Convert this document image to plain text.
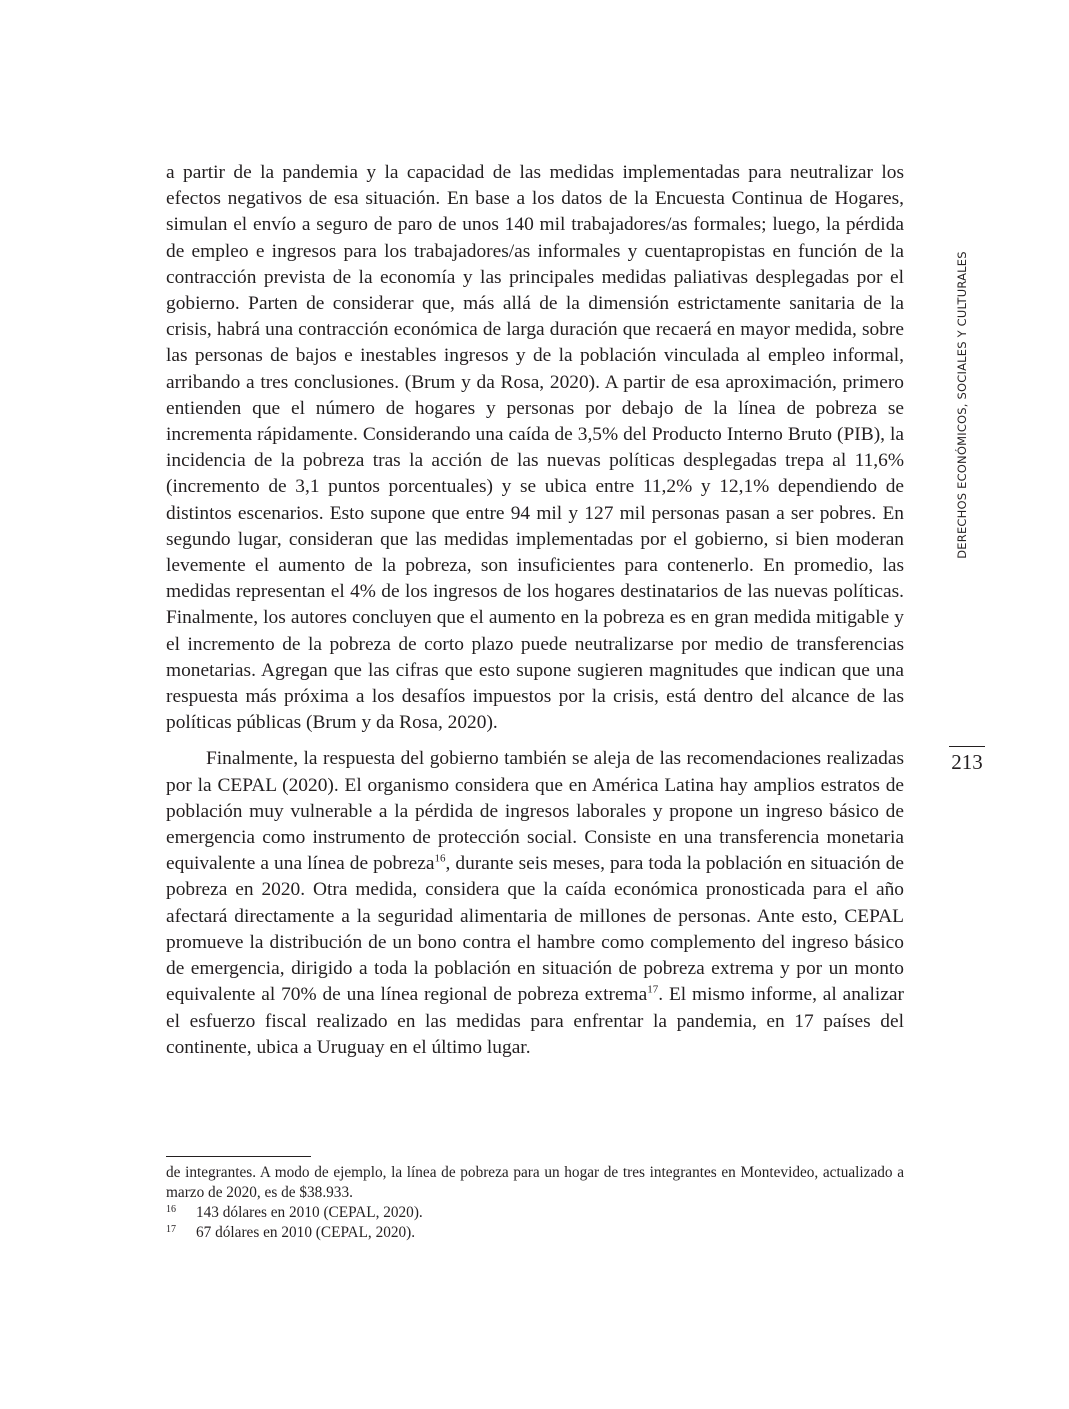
a partir de la pandemia y la capacidad de las medidas implementadas para neutralizar los efectos negativos de esa situación. En base a los datos de la Encuesta Continua de Hogares, simulan el envío a seguro de paro de unos 140 mil trabajadores/as formales; luego, la pérdida de empleo e ingresos para los trabajadores/as informales y cuentapropistas en función de la contracción prevista de la economía y las principales medidas paliativas desplegadas por el gobierno. Parten de considerar que, más allá de la dimensión estrictamente sanitaria de la crisis, habrá una contracción económica de larga duración que recaerá en mayor medida, sobre las personas de bajos e inestables ingresos y de la población vinculada al empleo informal, arribando a tres conclusiones. (Brum y da Rosa, 2020). A partir de esa aproximación, primero entienden que el número de hogares y personas por debajo de la línea de pobreza se incrementa rápidamente. Considerando una caída de 3,5% del Producto Interno Bruto (PIB), la incidencia de la pobreza tras la acción de las nuevas políticas desplegadas trepa al 11,6% (incremento de 3,1 puntos porcentuales) y se ubica entre 11,2% y 12,1% dependiendo de distintos escenarios. Esto supone que entre 94 mil y 127 mil personas pasan a ser pobres. En segundo lugar, consideran que las medidas implementadas por el gobierno, si bien moderan levemente el aumento de la pobreza, son insuficientes para contenerlo. En promedio, las medidas representan el 4% de los ingresos de los hogares destinatarios de las nuevas políticas. Finalmente, los autores concluyen que el aumento en la pobreza es en gran medida mitigable y el incremento de la pobreza de corto plazo puede neutralizarse por medio de transferencias monetarias. Agregan que las cifras que esto supone sugieren magnitudes que indican que una respuesta más próxima a los desafíos impuestos por la crisis, está dentro del alcance de las políticas públicas (Brum y da Rosa, 2020).

Finalmente, la respuesta del gobierno también se aleja de las recomendaciones realizadas por la CEPAL (2020). El organismo considera que en América Latina hay amplios estratos de población muy vulnerable a la pérdida de ingresos laborales y propone un ingreso básico de emergencia como instrumento de protección social. Consiste en una transferencia monetaria equivalente a una línea de pobreza$^{16}$, durante seis meses, para toda la población en situación de pobreza en 2020. Otra medida, considera que la caída económica pronosticada para el año afectará directamente a la seguridad alimentaria de millones de personas. Ante esto, CEPAL promueve la distribución de un bono contra el hambre como complemento del ingreso básico de emergencia, dirigido a toda la población en situación de pobreza extrema y por un monto equivalente al 70% de una línea regional de pobreza extrema$^{17}$. El mismo informe, al analizar el esfuerzo fiscal realizado en las medidas para enfrentar la pandemia, en 17 países del continente, ubica a Uruguay en el último lugar.

DERECHOS ECONÓMICOS, SOCIALES Y CULTURALES
213

de integrantes. A modo de ejemplo, la línea de pobreza para un hogar de tres integrantes en Montevideo, actualizado a marzo de 2020, es de $38.933.

16	143 dólares en 2010 (CEPAL, 2020).
17	67 dólares en 2010 (CEPAL, 2020).
